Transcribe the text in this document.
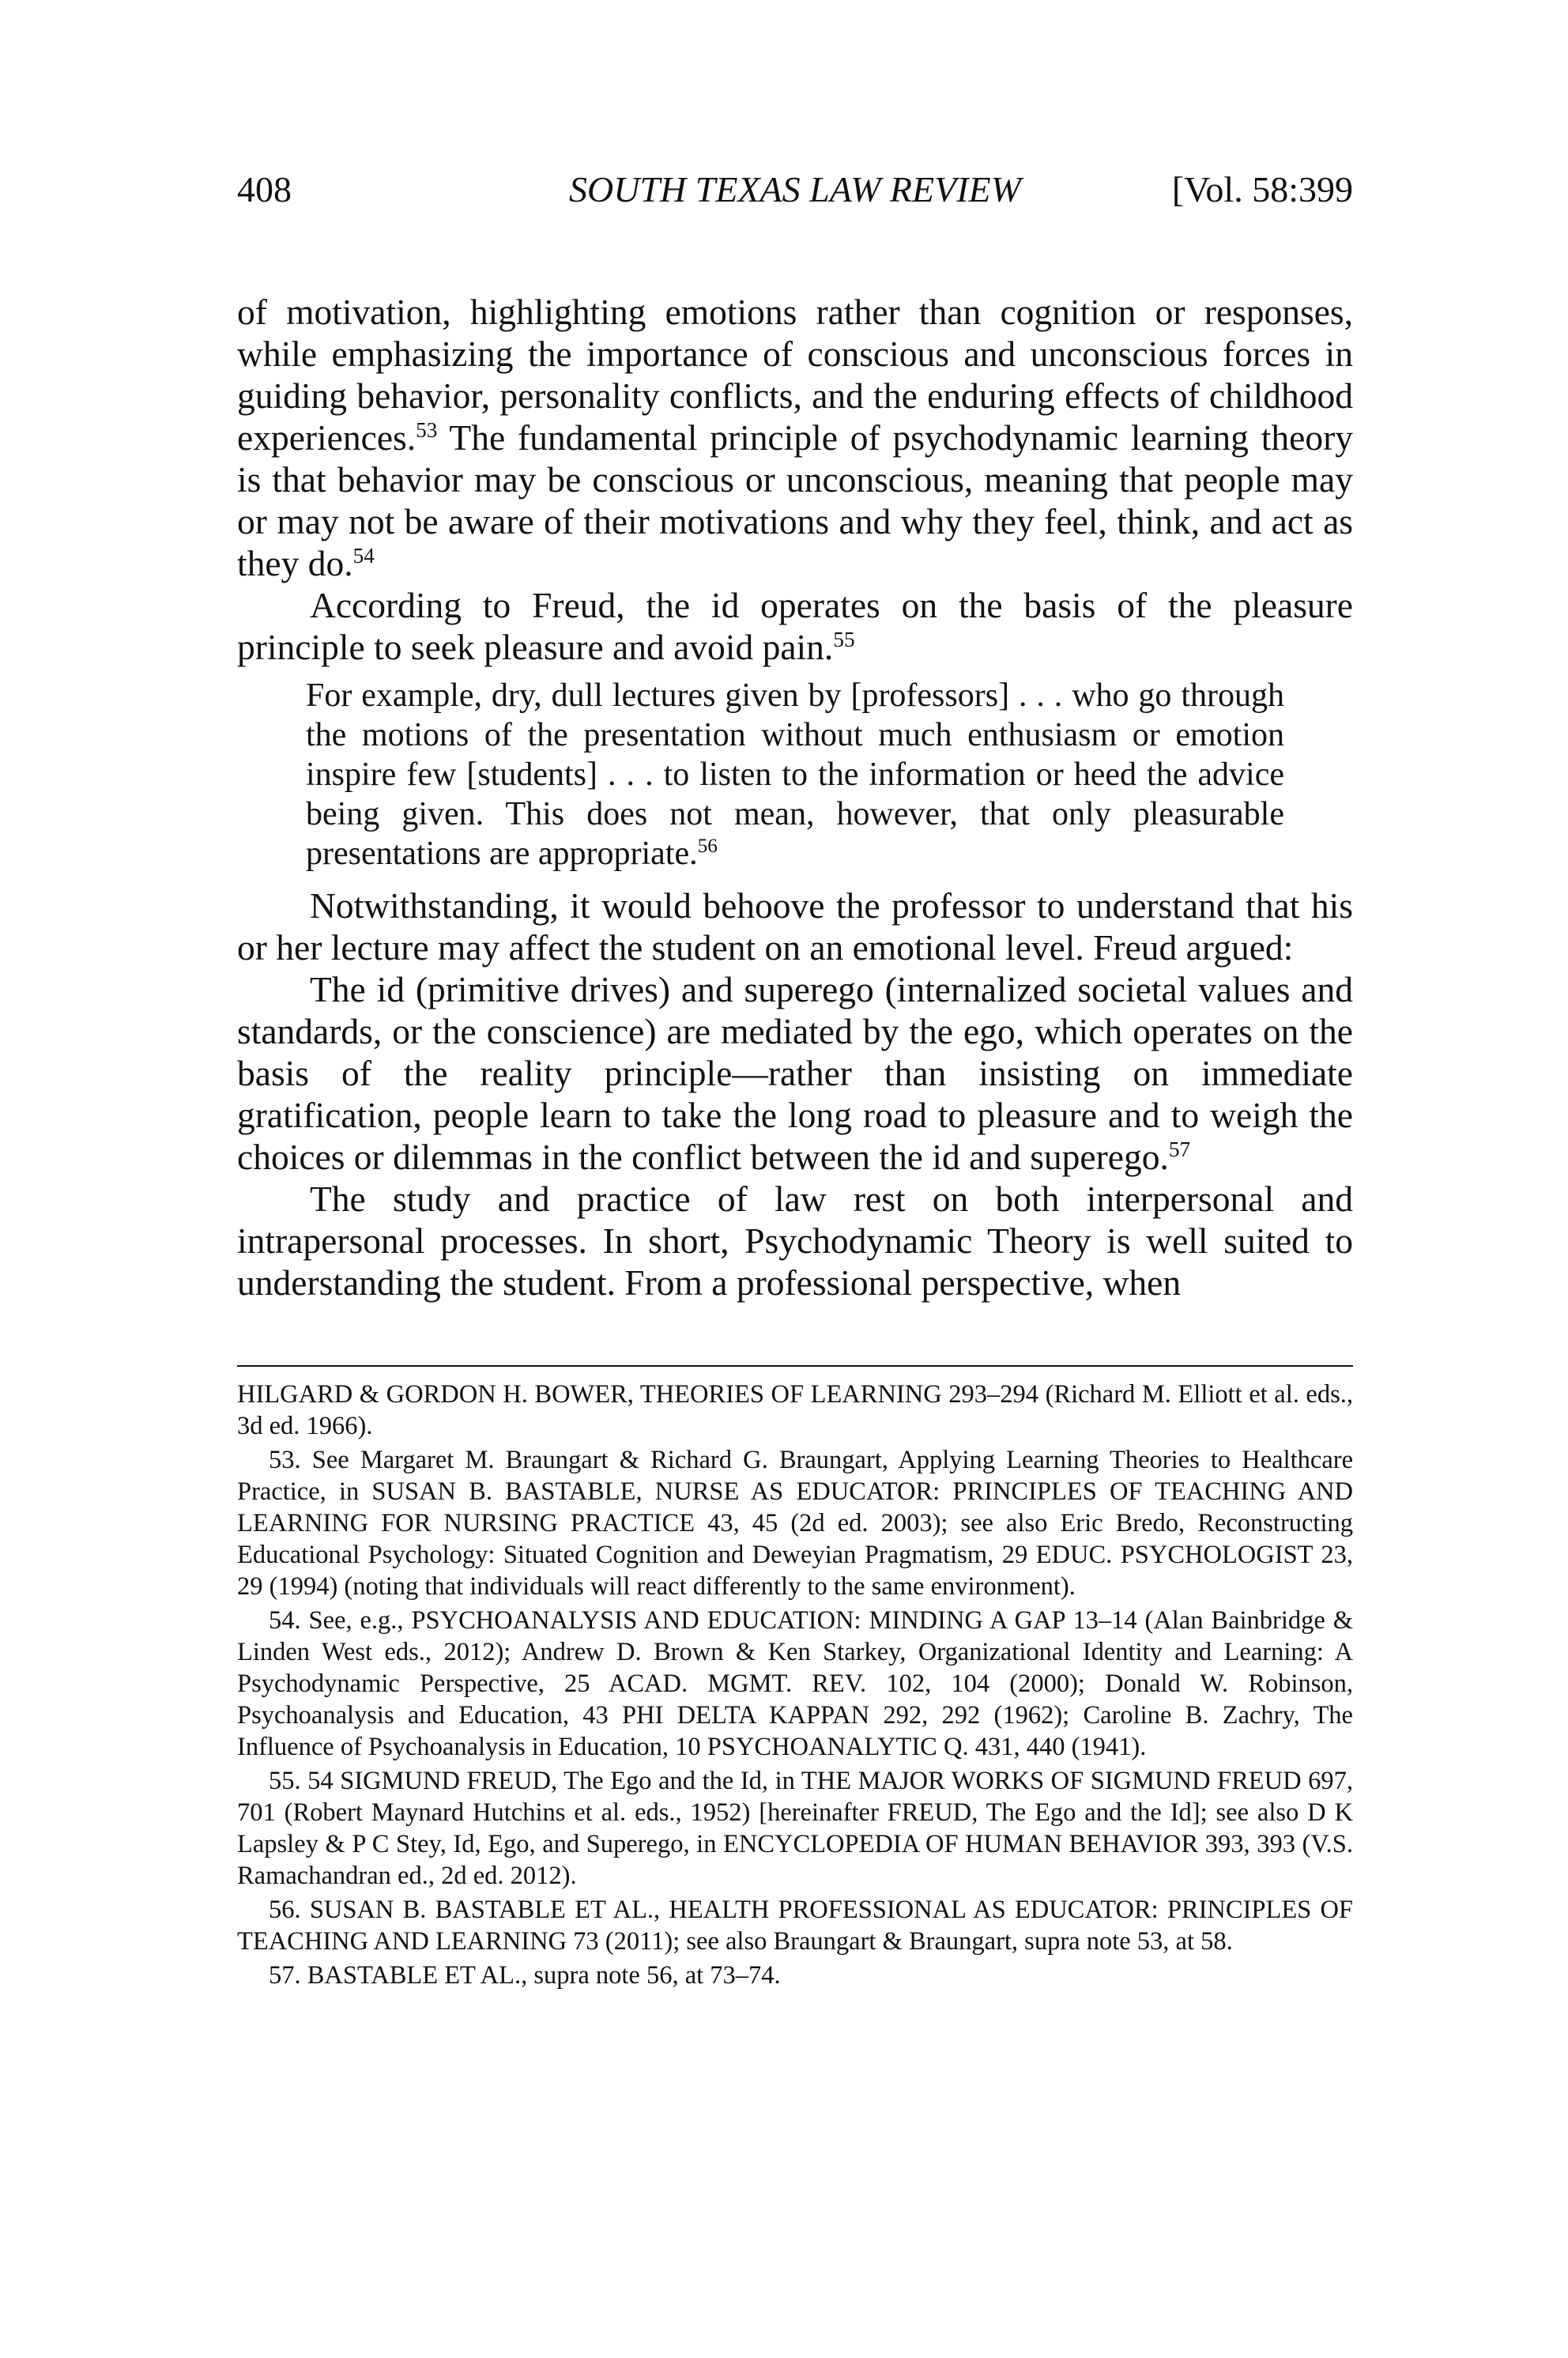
408	SOUTH TEXAS LAW REVIEW	[Vol. 58:399

of motivation, highlighting emotions rather than cognition or responses, while emphasizing the importance of conscious and unconscious forces in guiding behavior, personality conflicts, and the enduring effects of childhood experiences.$^{53}$ The fundamental principle of psychodynamic learning theory is that behavior may be conscious or unconscious, meaning that people may or may not be aware of their motivations and why they feel, think, and act as they do.$^{54}$

According to Freud, the id operates on the basis of the pleasure principle to seek pleasure and avoid pain.$^{55}$

For example, dry, dull lectures given by [professors] . . . who go through the motions of the presentation without much enthusiasm or emotion inspire few [students] . . . to listen to the information or heed the advice being given. This does not mean, however, that only pleasurable presentations are appropriate.$^{56}$

Notwithstanding, it would behoove the professor to understand that his or her lecture may affect the student on an emotional level. Freud argued:

The id (primitive drives) and superego (internalized societal values and standards, or the conscience) are mediated by the ego, which operates on the basis of the reality principle—rather than insisting on immediate gratification, people learn to take the long road to pleasure and to weigh the choices or dilemmas in the conflict between the id and superego.$^{57}$

The study and practice of law rest on both interpersonal and intrapersonal processes. In short, Psychodynamic Theory is well suited to understanding the student. From a professional perspective, when

HILGARD & GORDON H. BOWER, THEORIES OF LEARNING 293–294 (Richard M. Elliott et al. eds., 3d ed. 1966).

53. See Margaret M. Braungart & Richard G. Braungart, Applying Learning Theories to Healthcare Practice, in SUSAN B. BASTABLE, NURSE AS EDUCATOR: PRINCIPLES OF TEACHING AND LEARNING FOR NURSING PRACTICE 43, 45 (2d ed. 2003); see also Eric Bredo, Reconstructing Educational Psychology: Situated Cognition and Deweyian Pragmatism, 29 EDUC. PSYCHOLOGIST 23, 29 (1994) (noting that individuals will react differently to the same environment).

54. See, e.g., PSYCHOANALYSIS AND EDUCATION: MINDING A GAP 13–14 (Alan Bainbridge & Linden West eds., 2012); Andrew D. Brown & Ken Starkey, Organizational Identity and Learning: A Psychodynamic Perspective, 25 ACAD. MGMT. REV. 102, 104 (2000); Donald W. Robinson, Psychoanalysis and Education, 43 PHI DELTA KAPPAN 292, 292 (1962); Caroline B. Zachry, The Influence of Psychoanalysis in Education, 10 PSYCHOANALYTIC Q. 431, 440 (1941).

55. 54 SIGMUND FREUD, The Ego and the Id, in THE MAJOR WORKS OF SIGMUND FREUD 697, 701 (Robert Maynard Hutchins et al. eds., 1952) [hereinafter FREUD, The Ego and the Id]; see also D K Lapsley & P C Stey, Id, Ego, and Superego, in ENCYCLOPEDIA OF HUMAN BEHAVIOR 393, 393 (V.S. Ramachandran ed., 2d ed. 2012).

56. SUSAN B. BASTABLE ET AL., HEALTH PROFESSIONAL AS EDUCATOR: PRINCIPLES OF TEACHING AND LEARNING 73 (2011); see also Braungart & Braungart, supra note 53, at 58.

57. BASTABLE ET AL., supra note 56, at 73–74.
